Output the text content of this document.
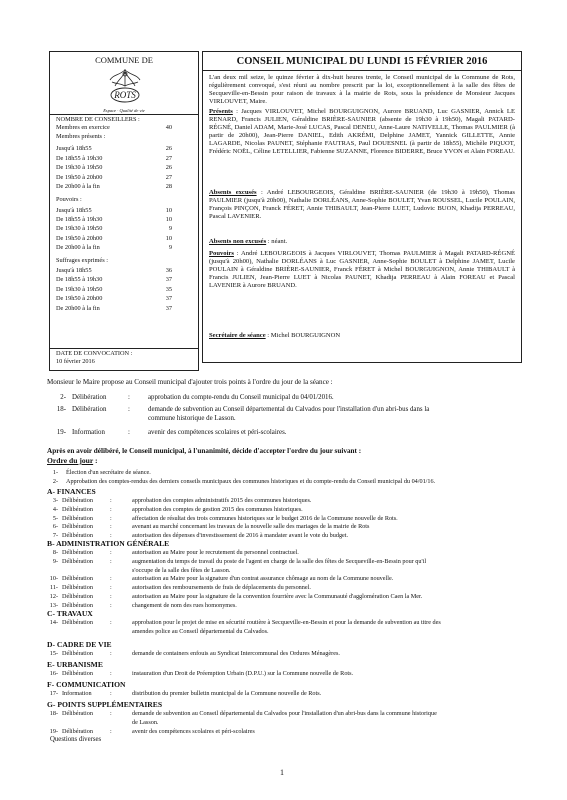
COMMUNE DE
ROTS
Espace · Qualité de vie
NOMBRE DE CONSEILLERS :
Membres en exercice	40
Membres présents :
Jusqu'à 18h55	26
De 18h55 à 19h30	27
De 19h30 à 19h50	26
De 19h50 à 20h00	27
De 20h00 à la fin	28
Pouvoirs :
Jusqu'à 18h55	10
De 18h55 à 19h30	10
De 19h30 à 19h50	9
De 19h50 à 20h00	10
De 20h00 à la fin	9
Suffrages exprimés :
Jusqu'à 18h55	36
De 18h55 à 19h30	37
De 19h30 à 19h50	35
De 19h50 à 20h00	37
De 20h00 à la fin	37
DATE DE CONVOCATION :
10 février 2016
CONSEIL MUNICIPAL DU LUNDI 15 FÉVRIER 2016
L'an deux mil seize, le quinze février à dix-huit heures trente, le Conseil municipal de la Commune de Rots, régulièrement convoqué, s'est réuni au nombre prescrit par la loi, exceptionnellement à la salle des fêtes de Secqueville-en-Bessin pour raison de travaux à la mairie de Rots, sous la présidence de Monsieur Jacques VIRLOUVET, Maire.
Présents : Jacques VIRLOUVET, Michel BOURGUIGNON, Aurore BRUAND, Luc GASNIER, Annick LE RENARD, Francis JULIEN, Géraldine BRIÈRE-SAUNIER (absente de 19h30 à 19h50), Magali PATARD-RÉGNÉ, Daniel ADAM, Marie-José LUCAS, Pascal DENEU, Anne-Laure NATIVELLE, Thomas PAULMIER (à partir de 20h00), Jean-Pierre DANIEL, Edith AKRÉMI, Delphine JAMET, Yannick GILLETTE, Annie LAGARDE, Nicolas PAUNET, Stéphanie FAUTRAS, Paul DOUESNEL (à partir de 18h55), Michèle PIQUOT, Frédéric NOËL, Céline LETELLIER, Fabienne SUZANNE, Florence BIDERRE, Bruce YVON et Alain FOREAU.
Absents excusés : André LEBOURGEOIS, Géraldine BRIÈRE-SAUNIER (de 19h30 à 19h50), Thomas PAULMIER (jusqu'à 20h00), Nathalie DORLÉANS, Anne-Sophie BOULET, Yvan ROUSSEL, Lucile POULAIN, François PINÇON, Franck FÉRET, Annie THIBAULT, Jean-Pierre LUET, Ludovic BUON, Khadija PERREAU, Pascal LAVENIER.
Absents non excusés : néant.
Pouvoirs : André LEBOURGEOIS à Jacques VIRLOUVET, Thomas PAULMIER à Magali PATARD-RÉGNÉ (jusqu'à 20h00), Nathalie DORLÉANS à Luc GASNIER, Anne-Sophie BOULET à Delphine JAMET, Lucile POULAIN à Géraldine BRIÈRE-SAUNIER, Franck FÉRET à Michel BOURGUIGNON, Annie THIBAULT à Francis JULIEN, Jean-Pierre LUET à Nicolas PAUNET, Khadija PERREAU à Alain FOREAU et Pascal LAVENIER à Aurore BRUAND.
Secrétaire de séance : Michel BOURGUIGNON
Monsieur le Maire propose au Conseil municipal d'ajouter trois points à l'ordre du jour de la séance :
2- Délibération	:	approbation du compte-rendu du Conseil municipal du 04/01/2016.
18- Délibération	:	demande de subvention au Conseil départemental du Calvados pour l'installation d'un abri-bus dans la
commune historique de Lasson.
19- Information	:	avenir des compétences scolaires et péri-scolaires.
Après en avoir délibéré, le Conseil municipal, à l'unanimité, décide d'accepter l'ordre du jour suivant :
Ordre du jour :
1- Élection d'un secrétaire de séance.
2- Approbation des comptes-rendus des derniers conseils municipaux des communes historiques et du compte-rendu du Conseil municipal du 04/01/16.
A- FINANCES
3- Délibération	:	approbation des comptes administratifs 2015 des communes historiques.
4- Délibération	:	approbation des comptes de gestion 2015 des communes historiques.
5- Délibération	:	affectation de résultat des trois communes historiques sur le budget 2016 de la Commune nouvelle de Rots.
6- Délibération	:	avenant au marché concernant les travaux de la nouvelle salle des mariages de la mairie de Rots
7- Délibération	:	autorisation des dépenses d'investissement de 2016 à mandater avant le vote du budget.
B- ADMINISTRATION GÉNÉRALE
8- Délibération	:	autorisation au Maire pour le recrutement du personnel contractuel.
9- Délibération	:	augmentation du temps de travail du poste de l'agent en charge de la salle des fêtes de Secqueville-en-Bessin pour qu'il
s'occupe de la salle des fêtes de Lasson.
10- Délibération	:	autorisation au Maire pour la signature d'un contrat assurance chômage au nom de la Commune nouvelle.
11- Délibération	:	autorisation des remboursements de frais de déplacements du personnel.
12- Délibération	:	autorisation au Maire pour la signature de la convention fourrière avec la Communauté d'agglomération Caen la Mer.
13- Délibération	:	changement de nom des rues homonymes.
C- TRAVAUX
14- Délibération	:	approbation pour le projet de mise en sécurité routière à Secqueville-en-Bessin et pour la demande de subvention au titre des
amendes police au Conseil départemental du Calvados.
D- CADRE DE VIE
15- Délibération	:	demande de containers enfouis au Syndicat Intercommunal des Ordures Ménagères.
E- URBANISME
16- Délibération	:	instauration d'un Droit de Préemption Urbain (D.P.U.) sur la Commune nouvelle de Rots.
F- COMMUNICATION
17- Information	:	distribution du premier bulletin municipal de la Commune nouvelle de Rots.
G- POINTS SUPPLÉMENTAIRES
18- Délibération	:	demande de subvention au Conseil départemental du Calvados pour l'installation d'un abri-bus dans la commune historique
de Lasson.
19- Délibération	:	avenir des compétences scolaires et péri-scolaires
Questions diverses
1
